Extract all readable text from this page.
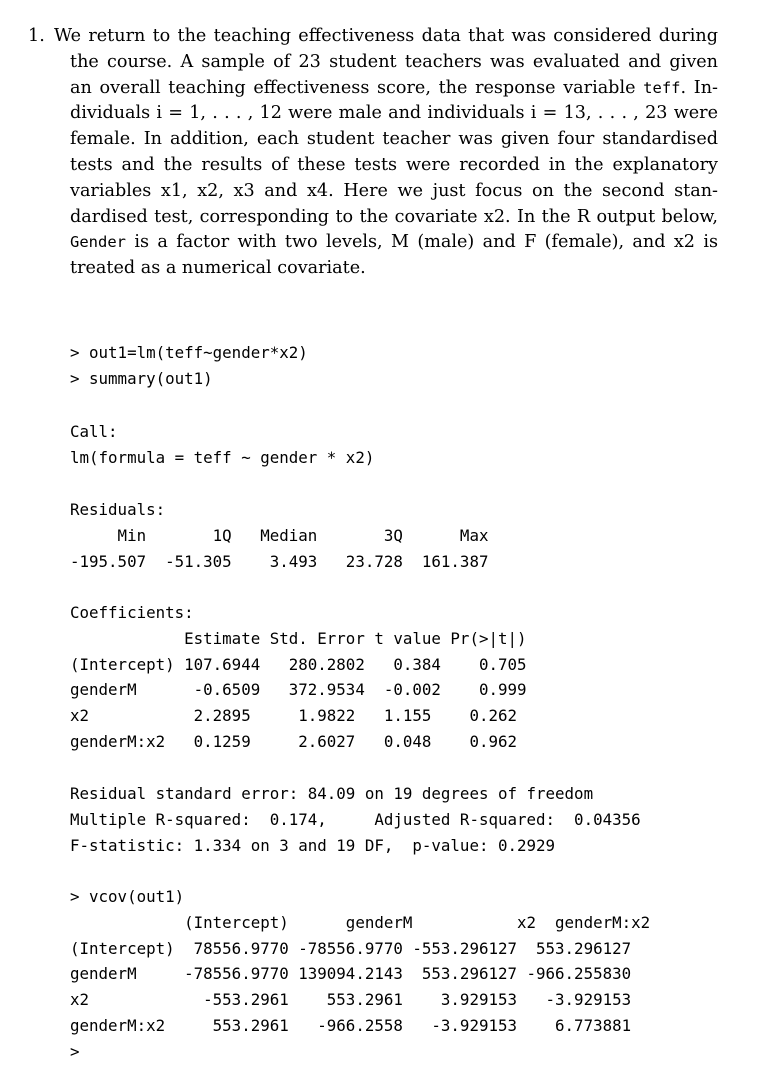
1. We return to the teaching effectiveness data that was considered during
the course. A sample of 23 student teachers was evaluated and given
an overall teaching effectiveness score, the response variable teff. In-
dividuals i = 1, . . . , 12 were male and individuals i = 13, . . . , 23 were
female. In addition, each student teacher was given four standardised
tests and the results of these tests were recorded in the explanatory
variables x1, x2, x3 and x4. Here we just focus on the second stan-
dardised test, corresponding to the covariate x2. In the R output below,
Gender is a factor with two levels, M (male) and F (female), and x2 is
treated as a numerical covariate.
> out1=lm(teff~gender*x2)
> summary(out1)
Call:
lm(formula = teff ~ gender * x2)
Residuals:
Min       1Q   Median       3Q      Max
-195.507  -51.305    3.493   23.728  161.387
Coefficients:
Estimate Std. Error t value Pr(>|t|)
(Intercept) 107.6944   280.2802   0.384    0.705
genderM      -0.6509   372.9534  -0.002    0.999
x2           2.2895     1.9822   1.155    0.262
genderM:x2   0.1259     2.6027   0.048    0.962
Residual standard error: 84.09 on 19 degrees of freedom
Multiple R-squared:  0.174,     Adjusted R-squared:  0.04356
F-statistic: 1.334 on 3 and 19 DF,  p-value: 0.2929
> vcov(out1)
(Intercept)      genderM           x2  genderM:x2
(Intercept)  78556.9770 -78556.9770 -553.296127  553.296127
genderM     -78556.9770 139094.2143  553.296127 -966.255830
x2            -553.2961    553.2961    3.929153   -3.929153
genderM:x2     553.2961   -966.2558   -3.929153    6.773881
>
